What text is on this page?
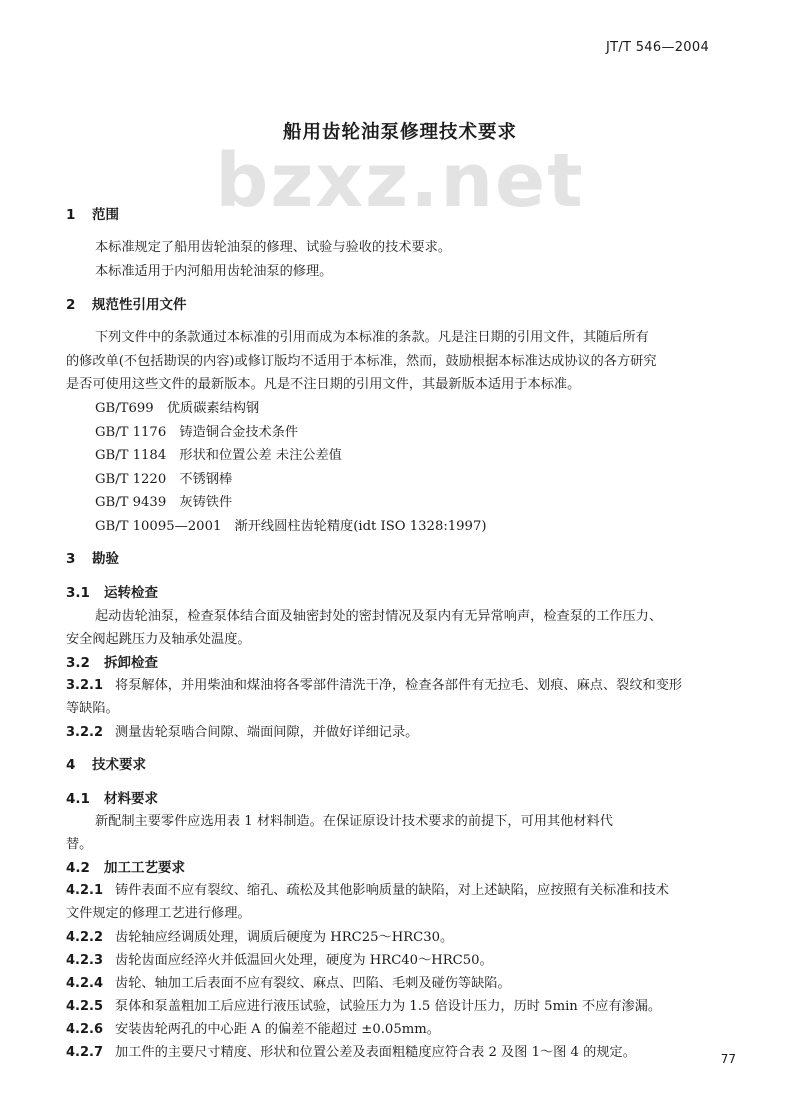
JT/T 546—2004
bzxz.net
船用齿轮油泵修理技术要求
1 范围
本标准规定了船用齿轮油泵的修理、试验与验收的技术要求。
本标准适用于内河船用齿轮油泵的修理。
2 规范性引用文件
下列文件中的条款通过本标准的引用而成为本标准的条款。凡是注日期的引用文件，其随后所有
的修改单(不包括勘误的内容)或修订版均不适用于本标准，然而，鼓励根据本标准达成协议的各方研究
是否可使用这些文件的最新版本。凡是不注日期的引用文件，其最新版本适用于本标准。
GB/T699　优质碳素结构钢
GB/T 1176　铸造铜合金技术条件
GB/T 1184　形状和位置公差 未注公差值
GB/T 1220　不锈钢棒
GB/T 9439　灰铸铁件
GB/T 10095—2001　渐开线圆柱齿轮精度(idt ISO 1328:1997)
3 勘验
3.1 运转检查
起动齿轮油泵，检查泵体结合面及轴密封处的密封情况及泵内有无异常响声，检查泵的工作压力、
安全阀起跳压力及轴承处温度。
3.2 拆卸检查
3.2.1 将泵解体，并用柴油和煤油将各零部件清洗干净，检查各部件有无拉毛、划痕、麻点、裂纹和变形
等缺陷。
3.2.2 测量齿轮泵啮合间隙、端面间隙，并做好详细记录。
4 技术要求
4.1 材料要求
新配制主要零件应选用表 1 材料制造。在保证原设计技术要求的前提下，可用其他材料代
替。
4.2 加工工艺要求
4.2.1 铸件表面不应有裂纹、缩孔、疏松及其他影响质量的缺陷，对上述缺陷，应按照有关标准和技术
文件规定的修理工艺进行修理。
4.2.2 齿轮轴应经调质处理，调质后硬度为 HRC25～HRC30。
4.2.3 齿轮齿面应经淬火并低温回火处理，硬度为 HRC40～HRC50。
4.2.4 齿轮、轴加工后表面不应有裂纹、麻点、凹陷、毛刺及碰伤等缺陷。
4.2.5 泵体和泵盖粗加工后应进行液压试验，试验压力为 1.5 倍设计压力，历时 5min 不应有渗漏。
4.2.6 安装齿轮两孔的中心距 A 的偏差不能超过 ±0.05mm。
4.2.7 加工件的主要尺寸精度、形状和位置公差及表面粗糙度应符合表 2 及图 1～图 4 的规定。	77
